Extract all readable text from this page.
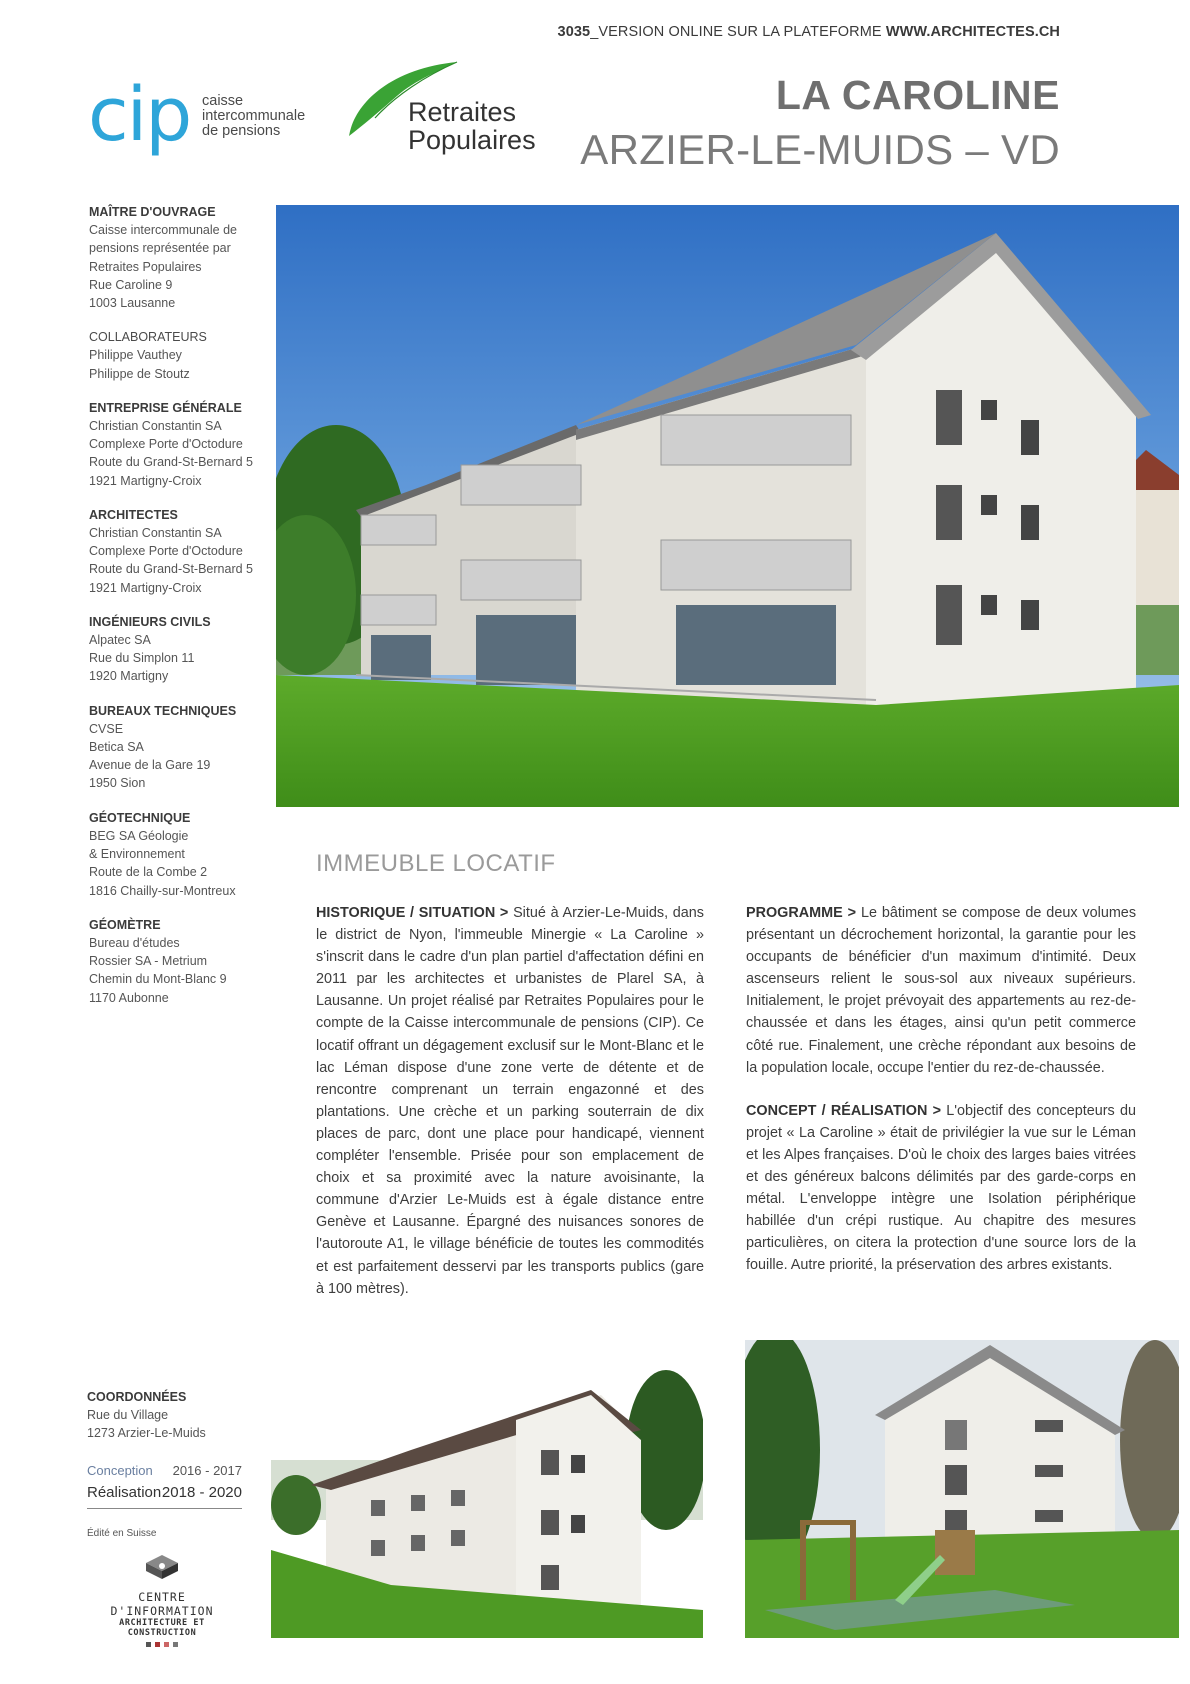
3035_VERSION ONLINE SUR LA PLATEFORME WWW.ARCHITECTES.CH
cip caisse
intercommunale
de pensions
Retraites
Populaires
LA CAROLINE
ARZIER-LE-MUIDS – VD
MAÎTRE D'OUVRAGE
Caisse intercommunale de
pensions représentée par
Retraites Populaires
Rue Caroline 9
1003 Lausanne
COLLABORATEURS
Philippe Vauthey
Philippe de Stoutz
ENTREPRISE GÉNÉRALE
Christian Constantin SA
Complexe Porte d'Octodure
Route du Grand-St-Bernard 5
1921 Martigny-Croix
ARCHITECTES
Christian Constantin SA
Complexe Porte d'Octodure
Route du Grand-St-Bernard 5
1921 Martigny-Croix
INGÉNIEURS CIVILS
Alpatec SA
Rue du Simplon 11
1920 Martigny
BUREAUX TECHNIQUES
CVSE
Betica SA
Avenue de la Gare 19
1950 Sion
GÉOTECHNIQUE
BEG SA Géologie
& Environnement
Route de la Combe 2
1816 Chailly-sur-Montreux
GÉOMÈTRE
Bureau d'études
Rossier SA - Metrium
Chemin du Mont-Blanc 9
1170 Aubonne
IMMEUBLE LOCATIF

HISTORIQUE / SITUATION > Situé à Arzier-Le-Muids, dans le district de Nyon, l'immeuble Minergie « La Caroline » s'inscrit dans le cadre d'un plan partiel d'affectation défini en 2011 par les architectes et urbanistes de Plarel SA, à Lausanne. Un projet réalisé par Retraites Populaires pour le compte de la Caisse intercommunale de pensions (CIP). Ce locatif offrant un dégagement exclusif sur le Mont-Blanc et le lac Léman dispose d'une zone verte de détente et de rencontre comprenant un terrain engazonné et des plantations. Une crèche et un parking souterrain de dix places de parc, dont une place pour handicapé, viennent compléter l'ensemble. Prisée pour son emplacement de choix et sa proximité avec la nature avoisinante, la commune d'Arzier Le-Muids est à égale distance entre Genève et Lausanne. Épargné des nuisances sonores de l'autoroute A1, le village bénéficie de toutes les commodités et est parfaitement desservi par les transports publics (gare à 100 mètres).

PROGRAMME > Le bâtiment se compose de deux volumes présentant un décrochement horizontal, la garantie pour les occupants de bénéficier d'un maximum d'intimité. Deux ascenseurs relient le sous-sol aux niveaux supérieurs. Initialement, le projet prévoyait des appartements au rez-de-chaussée et dans les étages, ainsi qu'un petit commerce côté rue. Finalement, une crèche répondant aux besoins de la population locale, occupe l'entier du rez-de-chaussée.

CONCEPT / RÉALISATION > L'objectif des concepteurs du projet « La Caroline » était de privilégier la vue sur le Léman et les Alpes françaises. D'où le choix des larges baies vitrées et des généreux balcons délimités par des garde-corps en métal. L'enveloppe intègre une Isolation périphérique habillée d'un crépi rustique. Au chapitre des mesures particulières, on citera la protection d'une source lors de la fouille. Autre priorité, la préservation des arbres existants.

COORDONNÉES
Rue du Village
1273 Arzier-Le-Muids
Conception 2016 - 2017
Réalisation 2018 - 2020
Édité en Suisse
CENTRE D'INFORMATION
ARCHITECTURE ET CONSTRUCTION
